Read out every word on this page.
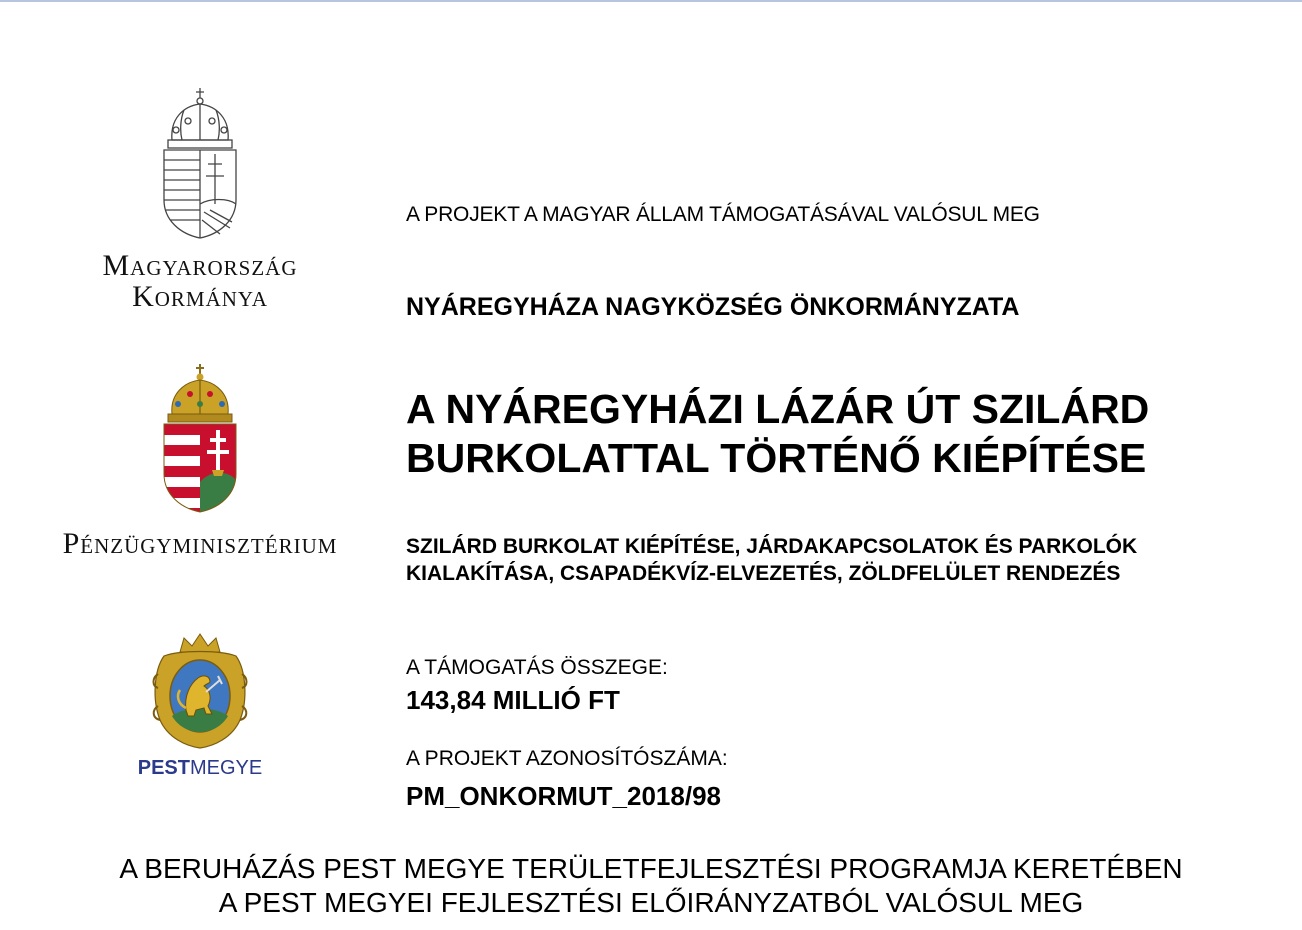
Magyarország
Kormánya
Pénzügyminisztérium
PESTMEGYE
A PROJEKT A MAGYAR ÁLLAM TÁMOGATÁSÁVAL VALÓSUL MEG
NYÁREGYHÁZA NAGYKÖZSÉG ÖNKORMÁNYZATA
A NYÁREGYHÁZI LÁZÁR ÚT SZILÁRD
BURKOLATTAL TÖRTÉNŐ KIÉPÍTÉSE
SZILÁRD BURKOLAT KIÉPÍTÉSE, JÁRDAKAPCSOLATOK ÉS PARKOLÓK
KIALAKÍTÁSA, CSAPADÉKVÍZ-ELVEZETÉS, ZÖLDFELÜLET RENDEZÉS
A TÁMOGATÁS ÖSSZEGE:
143,84 MILLIÓ FT
A PROJEKT AZONOSÍTÓSZÁMA:
PM_ONKORMUT_2018/98
A BERUHÁZÁS PEST MEGYE TERÜLETFEJLESZTÉSI PROGRAMJA KERETÉBEN
A PEST MEGYEI FEJLESZTÉSI ELŐIRÁNYZATBÓL VALÓSUL MEG
